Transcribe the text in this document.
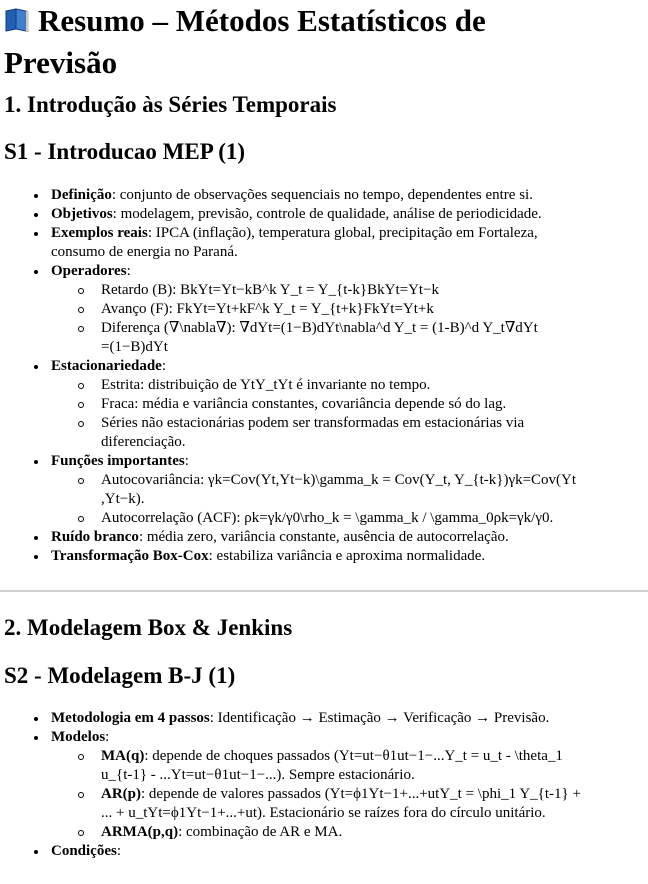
Resumo – Métodos Estatísticos de
Previsão
1. Introdução às Séries Temporais
S1 - Introducao MEP (1)
Definição: conjunto de observações sequenciais no tempo, dependentes entre si.
Objetivos: modelagem, previsão, controle de qualidade, análise de periodicidade.
Exemplos reais: IPCA (inflação), temperatura global, precipitação em Fortaleza,
consumo de energia no Paraná.
Operadores:
Retardo (B): BkYt=Yt−kB^k Y_t = Y_{t-k}BkYt=Yt−k
Avanço (F): FkYt=Yt+kF^k Y_t = Y_{t+k}FkYt=Yt+k
Diferença (∇\nabla∇): ∇dYt=(1−B)dYt\nabla^d Y_t = (1-B)^d Y_t∇dYt
=(1−B)dYt
Estacionariedade:
Estrita: distribuição de YtY_tYt é invariante no tempo.
Fraca: média e variância constantes, covariância depende só do lag.
Séries não estacionárias podem ser transformadas em estacionárias via
diferenciação.
Funções importantes:
Autocovariância: γk=Cov(Yt,Yt−k)\gamma_k = Cov(Y_t, Y_{t-k})γk=Cov(Yt
,Yt−k).
Autocorrelação (ACF): ρk=γk/γ0\rho_k = \gamma_k / \gamma_0ρk=γk/γ0.
Ruído branco: média zero, variância constante, ausência de autocorrelação.
Transformação Box-Cox: estabiliza variância e aproxima normalidade.
2. Modelagem Box & Jenkins
S2 - Modelagem B-J (1)
Metodologia em 4 passos: Identificação → Estimação → Verificação → Previsão.
Modelos:
MA(q): depende de choques passados (Yt=ut−θ1ut−1−...Y_t = u_t - \theta_1
u_{t-1} - ...Yt=ut−θ1ut−1−...). Sempre estacionário.
AR(p): depende de valores passados (Yt=ϕ1Yt−1+...+utY_t = \phi_1 Y_{t-1} +
... + u_tYt=ϕ1Yt−1+...+ut). Estacionário se raízes fora do círculo unitário.
ARMA(p,q): combinação de AR e MA.
Condições:
